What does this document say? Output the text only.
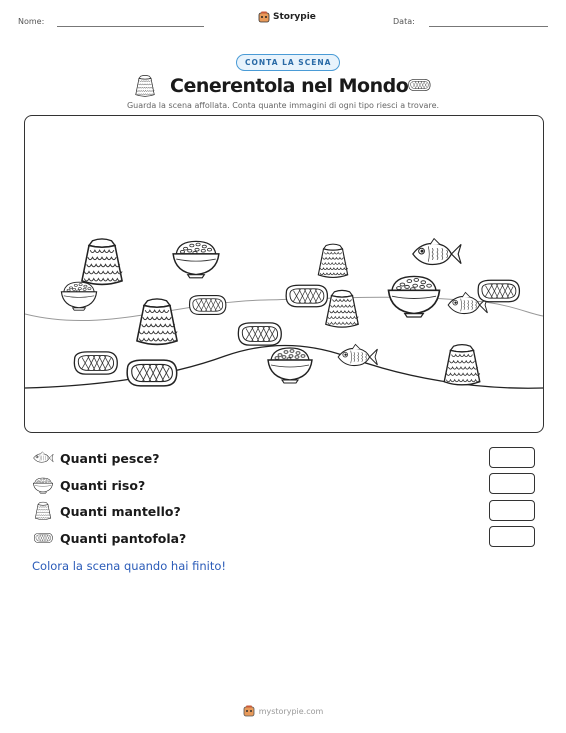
Nome:	Storypie	Data:
CONTA LA SCENA
Cenerentola nel Mondo
Guarda la scena affollata. Conta quante immagini di ogni tipo riesci a trovare.
Quanti pesce?
Quanti riso?
Quanti mantello?
Quanti pantofola?
Colora la scena quando hai finito!
mystorypie.com
